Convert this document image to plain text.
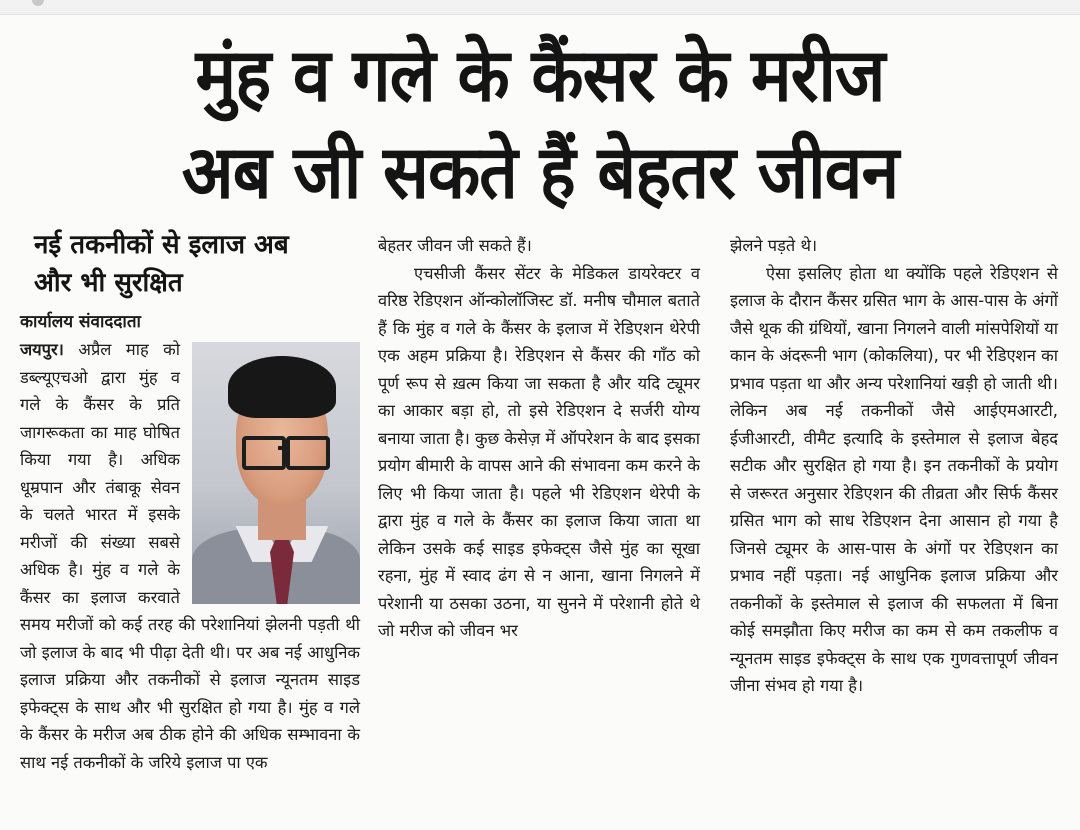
मुंह व गले के कैंसर के मरीज
अब जी सकते हैं बेहतर जीवन
नई तकनीकों से इलाज अब
और भी सुरक्षित
कार्यालय संवाददाता

जयपुर। अप्रैल माह को डब्ल्यूएचओ द्वारा मुंह व गले के कैंसर के प्रति जागरूकता का माह घोषित किया गया है। अधिक धूम्रपान और तंबाकू सेवन के चलते भारत में इसके मरीजों की संख्या सबसे अधिक है। मुंह व गले के कैंसर का इलाज करवाते समय मरीजों को कई तरह की परेशानियां झेलनी पड़ती थी जो इलाज के बाद भी पीढ़ा देती थी। पर अब नई आधुनिक इलाज प्रक्रिया और तकनीकों से इलाज न्यूनतम साइड इफेक्ट्स के साथ और भी सुरक्षित हो गया है। मुंह व गले के कैंसर के मरीज अब ठीक होने की अधिक सम्भावना के साथ नई तकनीकों के जरिये इलाज पा एक

बेहतर जीवन जी सकते हैं।

एचसीजी कैंसर सेंटर के मेडिकल डायरेक्टर व वरिष्ठ रेडिएशन ऑन्कोलॉजिस्ट डॉ. मनीष चौमाल बताते हैं कि मुंह व गले के कैंसर के इलाज में रेडिएशन थेरेपी एक अहम प्रक्रिया है। रेडिएशन से कैंसर की गाँठ को पूर्ण रूप से ख़त्म किया जा सकता है और यदि ट्यूमर का आकार बड़ा हो, तो इसे रेडिएशन दे सर्जरी योग्य बनाया जाता है। कुछ केसेज़ में ऑपरेशन के बाद इसका प्रयोग बीमारी के वापस आने की संभावना कम करने के लिए भी किया जाता है। पहले भी रेडिएशन थेरेपी के द्वारा मुंह व गले के कैंसर का इलाज किया जाता था लेकिन उसके कई साइड इफेक्ट्स जैसे मुंह का सूखा रहना, मुंह में स्वाद ढंग से न आना, खाना निगलने में परेशानी या ठसका उठना, या सुनने में परेशानी होते थे जो मरीज को जीवन भर

झेलने पड़ते थे।

ऐसा इसलिए होता था क्योंकि पहले रेडिएशन से इलाज के दौरान कैंसर ग्रसित भाग के आस-पास के अंगों जैसे थूक की ग्रंथियों, खाना निगलने वाली मांसपेशियों या कान के अंदरूनी भाग (कोकलिया), पर भी रेडिएशन का प्रभाव पड़ता था और अन्य परेशानियां खड़ी हो जाती थी। लेकिन अब नई तकनीकों जैसे आईएमआरटी, ईजीआरटी, वीमैट इत्यादि के इस्तेमाल से इलाज बेहद सटीक और सुरक्षित हो गया है। इन तकनीकों के प्रयोग से जरूरत अनुसार रेडिएशन की तीव्रता और सिर्फ कैंसर ग्रसित भाग को साध रेडिएशन देना आसान हो गया है जिनसे ट्यूमर के आस-पास के अंगों पर रेडिएशन का प्रभाव नहीं पड़ता। नई आधुनिक इलाज प्रक्रिया और तकनीकों के इस्तेमाल से इलाज की सफलता में बिना कोई समझौता किए मरीज का कम से कम तकलीफ व न्यूनतम साइड इफेक्ट्स के साथ एक गुणवत्तापूर्ण जीवन जीना संभव हो गया है।
